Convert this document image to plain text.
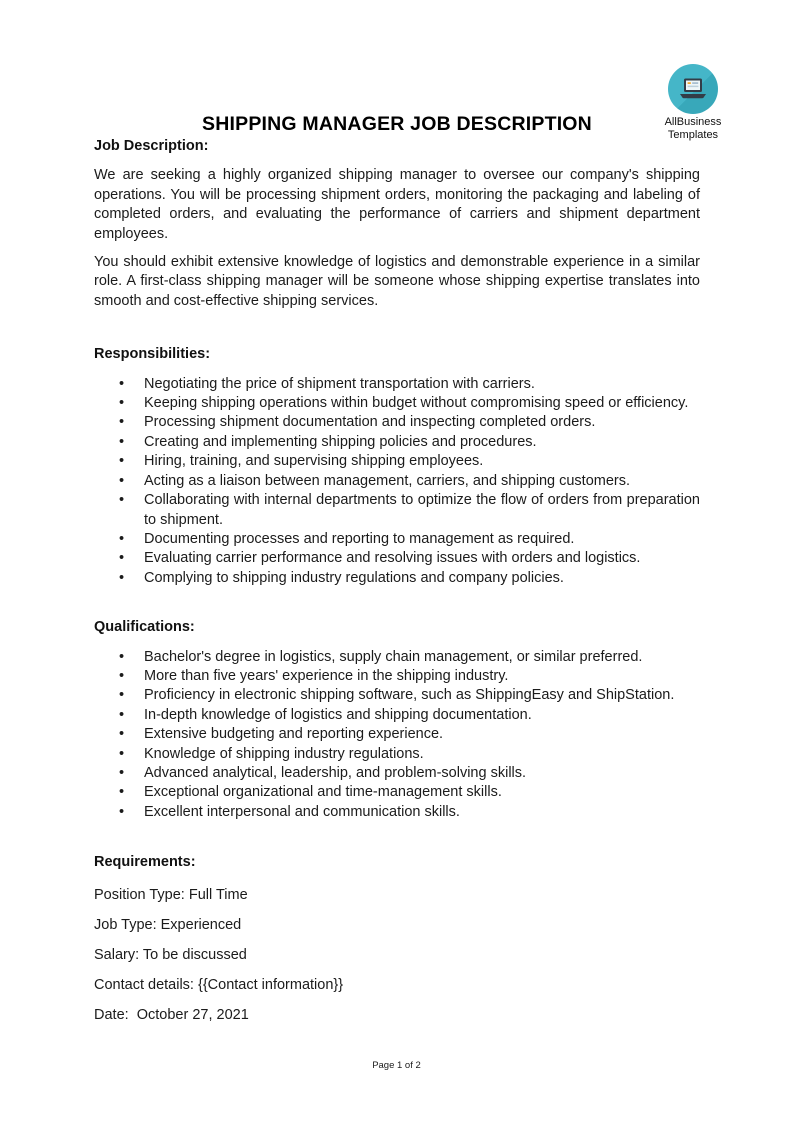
AllBusiness
Templates
SHIPPING MANAGER JOB DESCRIPTION
Job Description:

We are seeking a highly organized shipping manager to oversee our company's shipping operations. You will be processing shipment orders, monitoring the packaging and labeling of completed orders, and evaluating the performance of carriers and shipment department employees.

You should exhibit extensive knowledge of logistics and demonstrable experience in a similar role. A first-class shipping manager will be someone whose shipping expertise translates into smooth and cost-effective shipping services.

Responsibilities:
• Negotiating the price of shipment transportation with carriers.
• Keeping shipping operations within budget without compromising speed or efficiency.
• Processing shipment documentation and inspecting completed orders.
• Creating and implementing shipping policies and procedures.
• Hiring, training, and supervising shipping employees.
• Acting as a liaison between management, carriers, and shipping customers.
• Collaborating with internal departments to optimize the flow of orders from preparation to shipment.
• Documenting processes and reporting to management as required.
• Evaluating carrier performance and resolving issues with orders and logistics.
• Complying to shipping industry regulations and company policies.
Qualifications:
• Bachelor's degree in logistics, supply chain management, or similar preferred.
• More than five years' experience in the shipping industry.
• Proficiency in electronic shipping software, such as ShippingEasy and ShipStation.
• In-depth knowledge of logistics and shipping documentation.
• Extensive budgeting and reporting experience.
• Knowledge of shipping industry regulations.
• Advanced analytical, leadership, and problem-solving skills.
• Exceptional organizational and time-management skills.
• Excellent interpersonal and communication skills.
Requirements:

Position Type: Full Time

Job Type: Experienced

Salary: To be discussed

Contact details: {{Contact information}}

Date:  October 27, 2021

Page 1 of 2
